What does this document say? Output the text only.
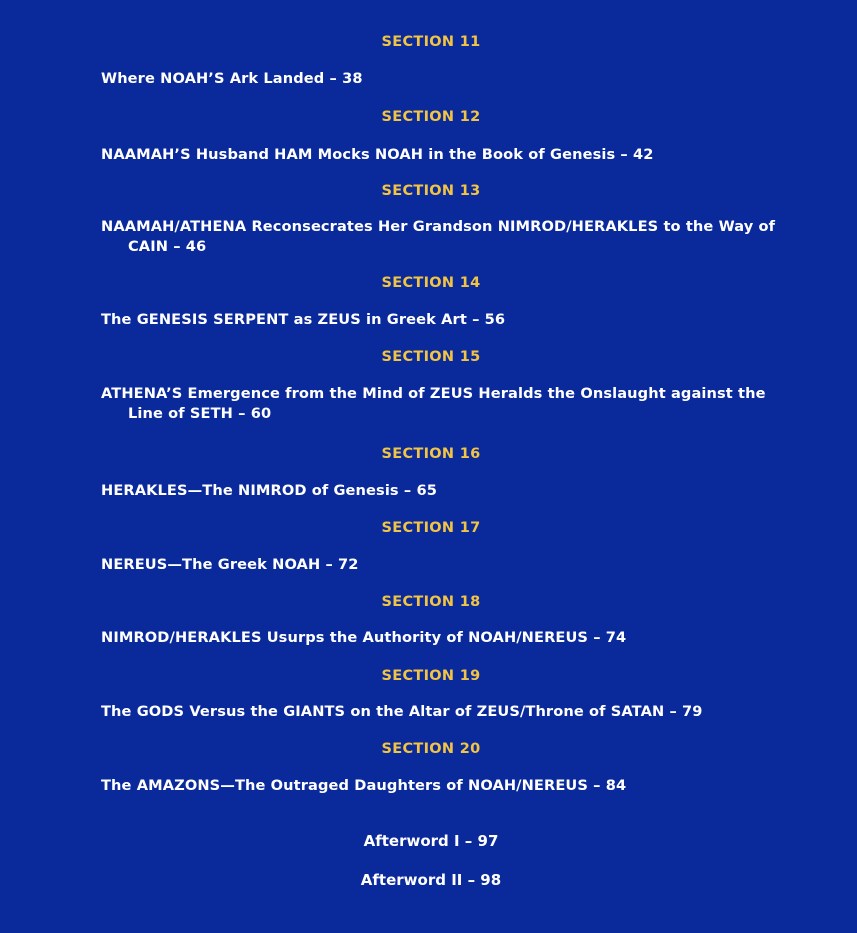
SECTION 11
Where NOAH’S Ark Landed – 38
SECTION 12
NAAMAH’S Husband HAM Mocks NOAH in the Book of Genesis – 42
SECTION 13
NAAMAH/ATHENA Reconsecrates Her Grandson NIMROD/HERAKLES to the Way of CAIN – 46
SECTION 14
The GENESIS SERPENT as ZEUS in Greek Art – 56
SECTION 15
ATHENA’S Emergence from the Mind of ZEUS Heralds the Onslaught against the Line of SETH – 60
SECTION 16
HERAKLES—The NIMROD of Genesis – 65
SECTION 17
NEREUS—The Greek NOAH – 72
SECTION 18
NIMROD/HERAKLES Usurps the Authority of NOAH/NEREUS – 74
SECTION 19
The GODS Versus the GIANTS on the Altar of ZEUS/Throne of SATAN – 79
SECTION 20
The AMAZONS—The Outraged Daughters of NOAH/NEREUS – 84
Afterword I – 97
Afterword II – 98
